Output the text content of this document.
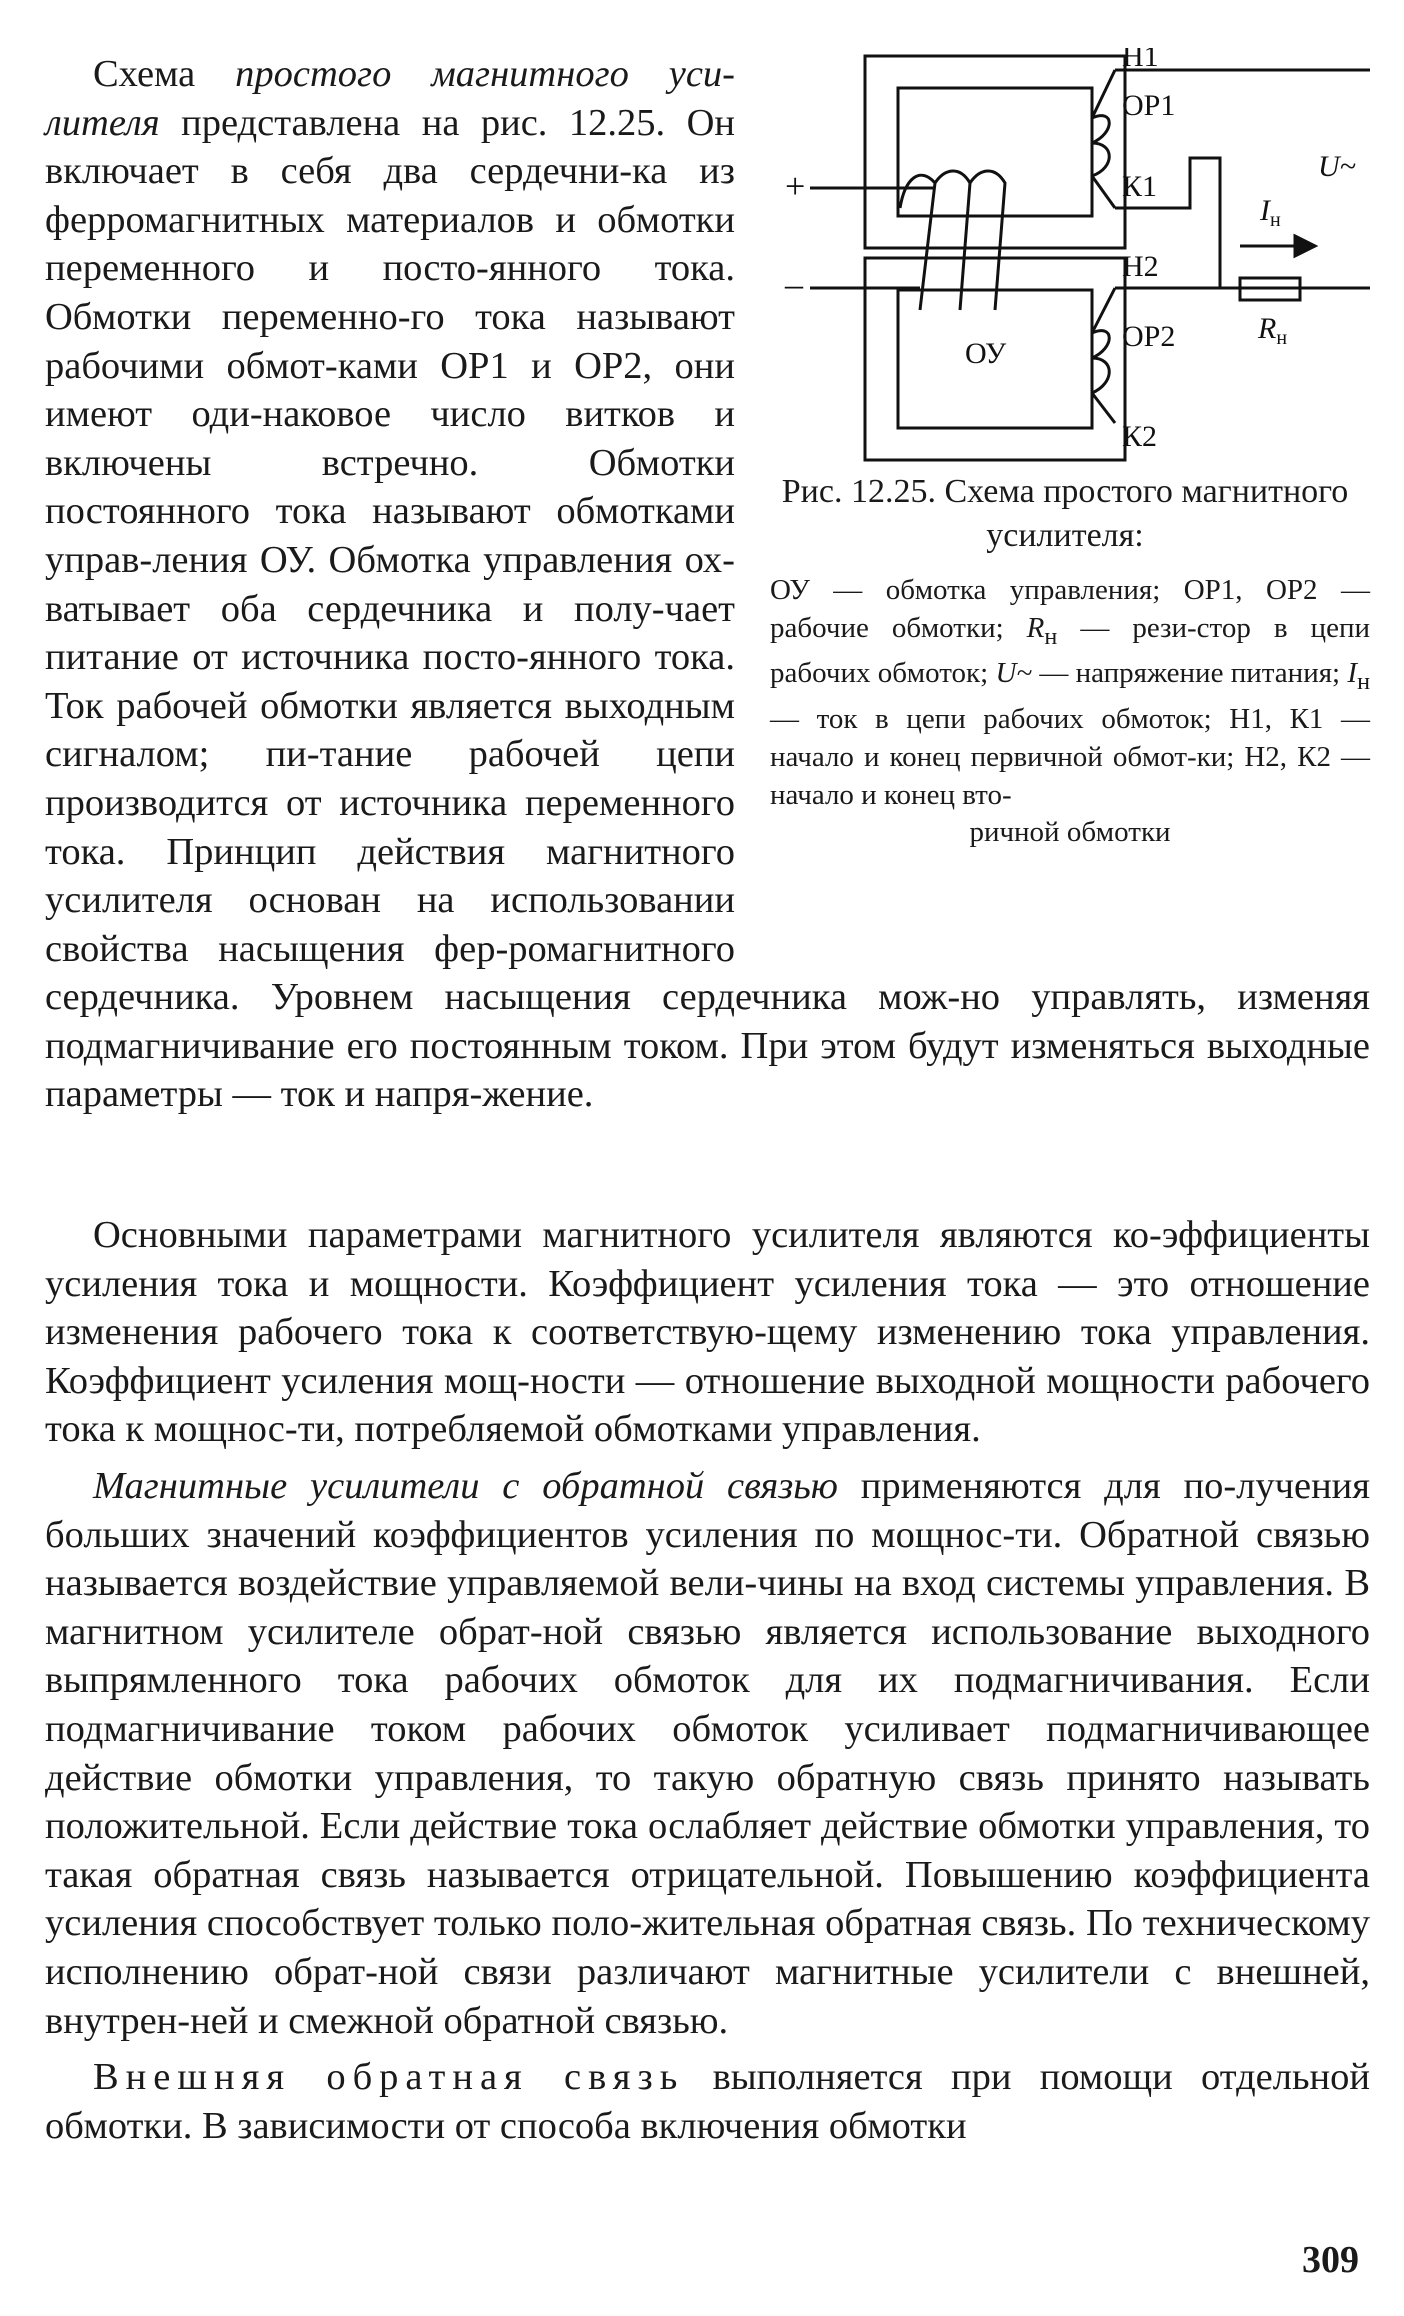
Н1
ОР1
К1
Н2
ОР2
К2
ОУ
+
–
U~
$I_н$
$R_н$
Рис. 12.25. Схема простого магнитного усилителя:
ОУ — обмотка управления; ОР1, ОР2 — рабочие обмотки; $R_н$ — рези-стор в цепи рабочих обмоток; U~ — напряжение питания; $I_н$ — ток в цепи рабочих обмоток; Н1, К1 — начало и конец первичной обмот-ки; Н2, К2 — начало и конец вто-
ричной обмотки

Схема простого магнитного уси-лителя представлена на рис. 12.25. Он включает в себя два сердечни-ка из ферромагнитных материалов и обмотки переменного и посто-янного тока. Обмотки переменно-го тока называют рабочими обмот-ками ОР1 и ОР2, они имеют оди-наковое число витков и включены встречно. Обмотки постоянного тока называют обмотками управ-ления ОУ. Обмотка управления ох-ватывает оба сердечника и полу-чает питание от источника посто-янного тока. Ток рабочей обмотки является выходным сигналом; пи-тание рабочей цепи производится от источника переменного тока. Принцип действия магнитного усилителя основан на использовании свойства насыщения фер-ромагнитного сердечника. Уровнем насыщения сердечника мож-но управлять, изменяя подмагничивание его постоянным током. При этом будут изменяться выходные параметры — ток и напря-жение.

Основными параметрами магнитного усилителя являются ко-эффициенты усиления тока и мощности. Коэффициент усиления тока — это отношение изменения рабочего тока к соответствую-щему изменению тока управления. Коэффициент усиления мощ-ности — отношение выходной мощности рабочего тока к мощнос-ти, потребляемой обмотками управления.

Магнитные усилители с обратной связью применяются для по-лучения больших значений коэффициентов усиления по мощнос-ти. Обратной связью называется воздействие управляемой вели-чины на вход системы управления. В магнитном усилителе обрат-ной связью является использование выходного выпрямленного тока рабочих обмоток для их подмагничивания. Если подмагничивание током рабочих обмоток усиливает подмагничивающее действие обмотки управления, то такую обратную связь принято называть положительной. Если действие тока ослабляет действие обмотки управления, то такая обратная связь называется отрицательной. Повышению коэффициента усиления способствует только поло-жительная обратная связь. По техническому исполнению обрат-ной связи различают магнитные усилители с внешней, внутрен-ней и смежной обратной связью.

Внешняя обратная связь выполняется при помощи отдельной обмотки. В зависимости от способа включения обмотки

309
